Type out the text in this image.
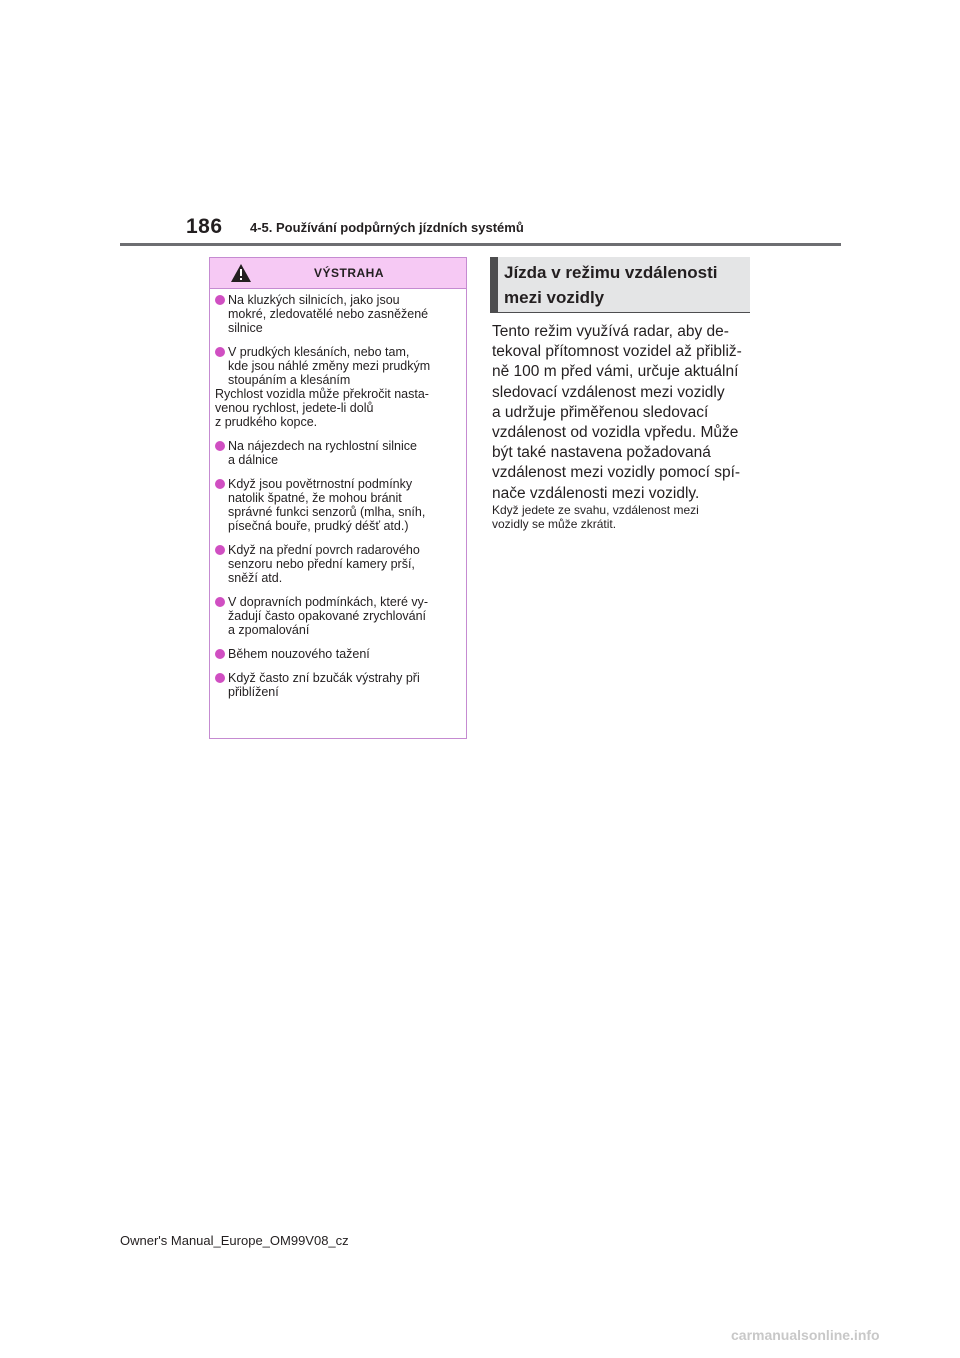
186 4-5. Používání podpůrných jízdních systémů
VÝSTRAHA
Na kluzkých silnicích, jako jsou
mokré, zledovatělé nebo zasněžené
silnice
V prudkých klesáních, nebo tam,
kde jsou náhlé změny mezi prudkým
stoupáním a klesáním
Rychlost vozidla může překročit nasta-
venou rychlost, jedete-li dolů
z prudkého kopce.
Na nájezdech na rychlostní silnice
a dálnice
Když jsou povětrnostní podmínky
natolik špatné, že mohou bránit
správné funkci senzorů (mlha, sníh,
písečná bouře, prudký déšť atd.)
Když na přední povrch radarového
senzoru nebo přední kamery prší,
sněží atd.
V dopravních podmínkách, které vy-
žadují často opakované zrychlování
a zpomalování
Během nouzového tažení
Když často zní bzučák výstrahy při
přiblížení
Jízda v režimu vzdálenosti
mezi vozidly
Tento režim využívá radar, aby de-
tekoval přítomnost vozidel až přibliž-
ně 100 m před vámi, určuje aktuální
sledovací vzdálenost mezi vozidly
a udržuje přiměřenou sledovací
vzdálenost od vozidla vpředu. Může
být také nastavena požadovaná
vzdálenost mezi vozidly pomocí spí-
nače vzdálenosti mezi vozidly.
Když jedete ze svahu, vzdálenost mezi
vozidly se může zkrátit.
Owner's Manual_Europe_OM99V08_cz
carmanualsonline.info
